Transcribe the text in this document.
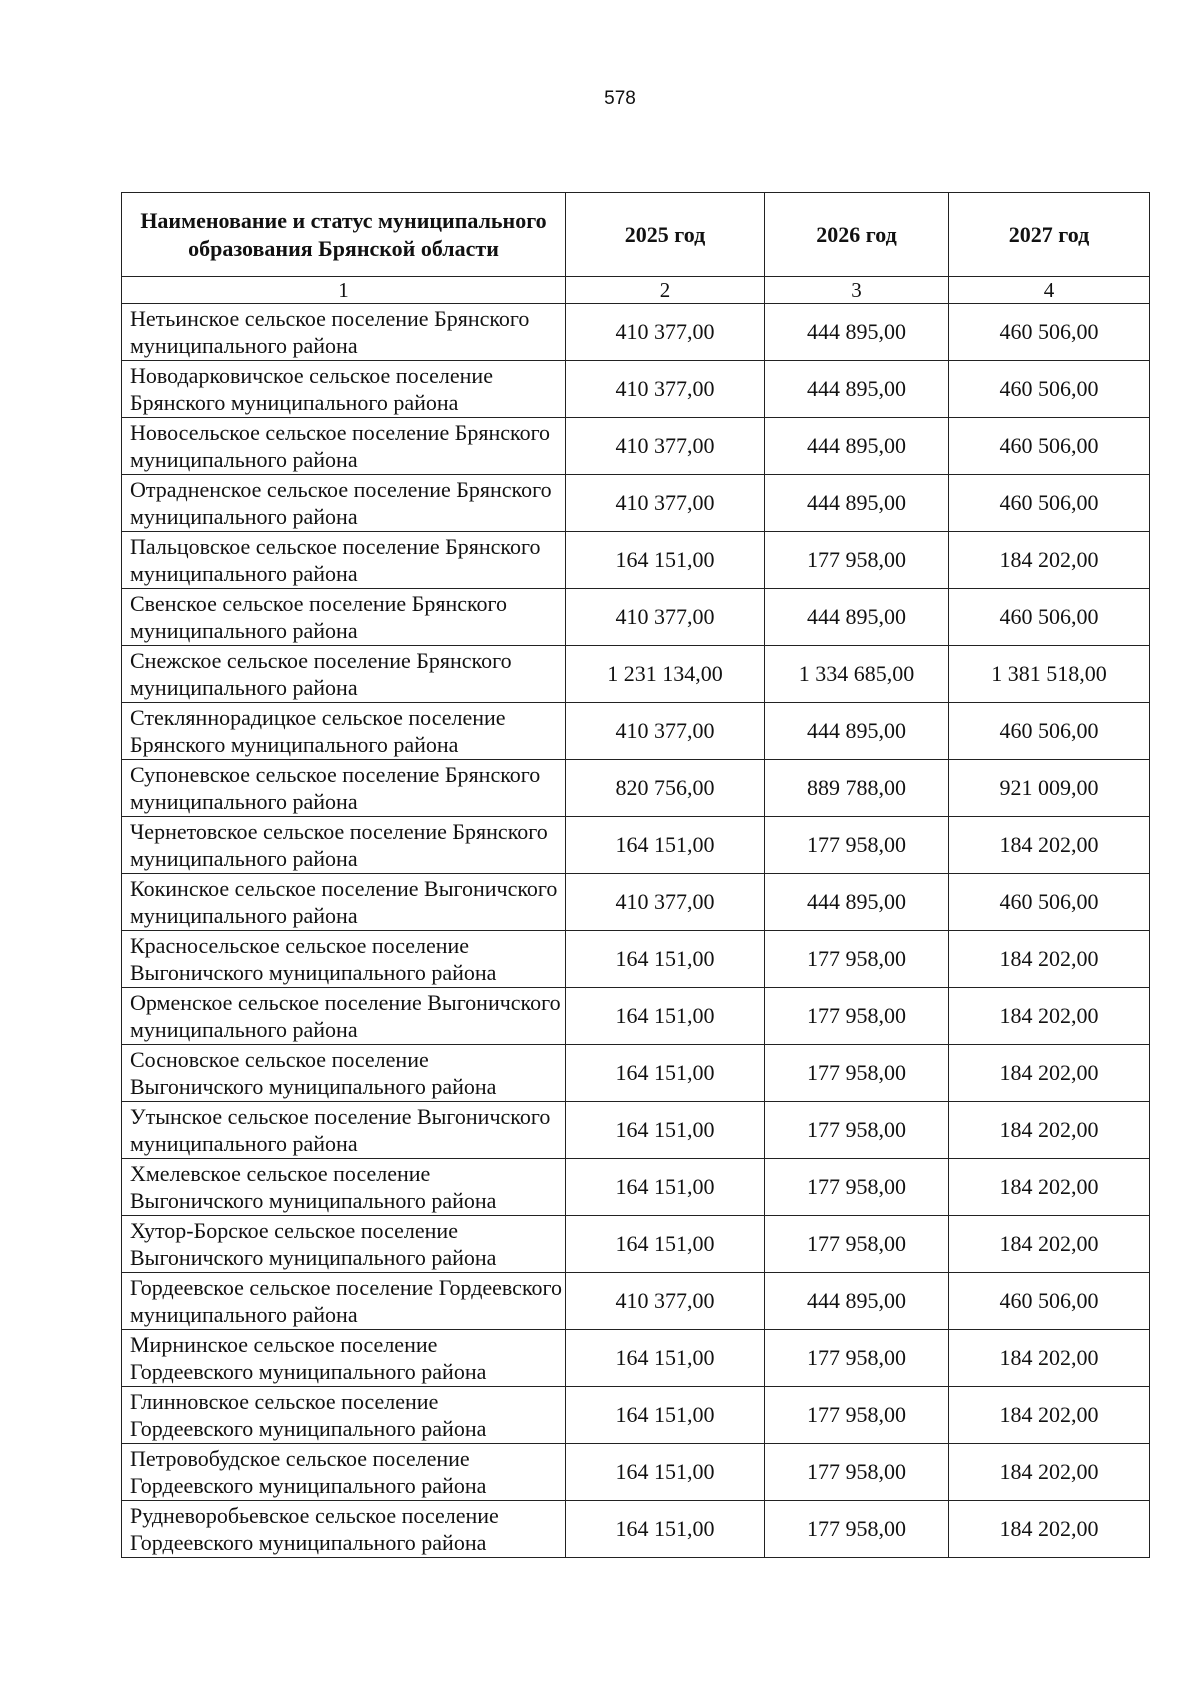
578
Наименование и статус муниципального образования Брянской области	2025 год	2026 год	2027 год
1	2	3	4
Нетьинское сельское поселение Брянского муниципального района	410 377,00	444 895,00	460 506,00
Новодарковичское сельское поселение Брянского муниципального района	410 377,00	444 895,00	460 506,00
Новосельское сельское поселение Брянского муниципального района	410 377,00	444 895,00	460 506,00
Отрадненское сельское поселение Брянского муниципального района	410 377,00	444 895,00	460 506,00
Пальцовское сельское поселение Брянского муниципального района	164 151,00	177 958,00	184 202,00
Свенское сельское поселение Брянского муниципального района	410 377,00	444 895,00	460 506,00
Снежское сельское поселение Брянского муниципального района	1 231 134,00	1 334 685,00	1 381 518,00
Стекляннорадицкое сельское поселение Брянского муниципального района	410 377,00	444 895,00	460 506,00
Супоневское сельское поселение Брянского муниципального района	820 756,00	889 788,00	921 009,00
Чернетовское сельское поселение Брянского муниципального района	164 151,00	177 958,00	184 202,00
Кокинское сельское поселение Выгоничского муниципального района	410 377,00	444 895,00	460 506,00
Красносельское сельское поселение Выгоничского муниципального района	164 151,00	177 958,00	184 202,00
Орменское сельское поселение Выгоничского муниципального района	164 151,00	177 958,00	184 202,00
Сосновское сельское поселение Выгоничского муниципального района	164 151,00	177 958,00	184 202,00
Утынское сельское поселение Выгоничского муниципального района	164 151,00	177 958,00	184 202,00
Хмелевское сельское поселение Выгоничского муниципального района	164 151,00	177 958,00	184 202,00
Хутор-Борское сельское поселение Выгоничского муниципального района	164 151,00	177 958,00	184 202,00
Гордеевское сельское поселение Гордеевского муниципального района	410 377,00	444 895,00	460 506,00
Мирнинское сельское поселение Гордеевского муниципального района	164 151,00	177 958,00	184 202,00
Глинновское сельское поселение Гордеевского муниципального района	164 151,00	177 958,00	184 202,00
Петровобудское сельское поселение Гордеевского муниципального района	164 151,00	177 958,00	184 202,00
Рудневоробьевское сельское поселение Гордеевского муниципального района	164 151,00	177 958,00	184 202,00
